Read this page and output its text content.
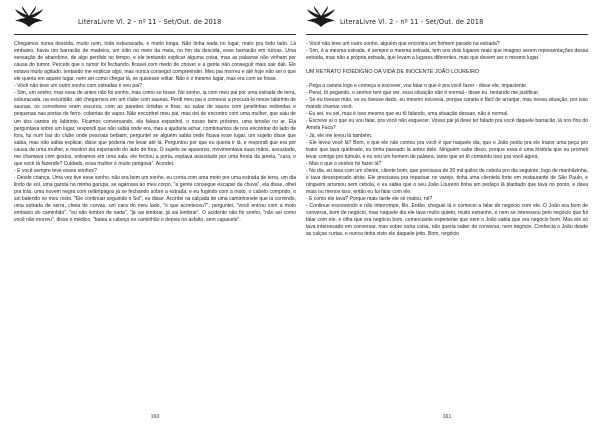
LiteraLivre Vl. 2 - nº 11 - Set/Out. de 2018

Chegamos numa descida, muito ruim, toda esburacada, e muito longa. Não tinha nada no lugar, mato pra todo lado. Lá embaixo, havia um barracão de madeira, um sítio no meio da mata, no fim da descida, esse barracão em ruínas. Uma sensação de abandono, de algo perdido no tempo, e ele tentando explicar alguma coisa, mas as palavras não vinham por causa do tumor. Percebi que o tumor foi fechando, ficavei com medo de chover e a gente não conseguir mais sair dali. Ele estava muito agitado, tentando me explicar algo, mas nunca conseguí compreender. Meu pai morreu e até hoje não sei o que ele queria em aquele lugar, nem sei como chegar lá, se quisesse voltar. Não é o mesmo lugar, mas era com se fosse.

- Você não teve um outro sonho com estradas e seu pai?

- Sim, um sonho, mas esse de antes não foi sonho, mas como se fosse. No sonho, ia com meu pai por uma estrada de terra, esburacada, na escuridão, até chegarmos em um clube com saunas. Perdi meu pai e comecei a procurá-lo nesse labirinto de saunas, os corredores eram escuros, com as paredes úmidas e frias, as salas de sauna com janelinhas redondas e pequenas nas portas de ferro, cobertas de vapor. Não encontrei meu pai, mas dei de encontro com uma mulher, que saiu de um dos cantos do labirinto. Ficamos conversando, ela falava espanhol, o nosso bem próximo, uma tensão no ar. Ela perguntava sobre um lugar, respondi que não sabia onde era, mas a ajudaria achar, combinamos de nos encontrar do lado de fora, fui num bar do clube onde pessoas bebiam, perguntei se alguém sabia onde ficava esse lugar, um sujeito disse que sabia, mas não sabia explicar, disse que poderia me levar até lá. Perguntou por que eu queria ir lá, e respondi que era por causa de uma mulher, e mostrei ela esperando do lado de fora. O sujeito se apavorou, movimentava suas mãos, assustado, me chamava com gestos, entramos em uma sala, ele fechou a porta, esplava assustado por uma fresta da janela, "cara, o que você tá fazendo? Cuidado, essa mulher é muito perigosa". Acordei.

- E você sempre teve esses sonhos?

- Desde criança. Uma vez tive esse sonho, não era bem um sonho, eu corria com uma moto por uma estrada de terra, um dia lindo de sol, uma garota na minha garupa, se agarrava ao meu corpo, "a gente consegue escapar da chuva", ela disse, olhei pra trás, uma nuvem negra com relâmpagos já se fechando sobre a estrada, e eu fugindo com a moto, o cabelo comprido, o sol batendo no meu rosto. "Ele continuar seguindo o Sol", eu disse. Acordei na calçada de uma caminhonete que ia correndo, uma estrada de serra, cheia de curvas, um cara do meu lado, "o que aconteceu?", perguntei, "você entrou com a moto embaixo do caminhão", "eu não lembro de nada", "já vai lembrar, já vai lembrar". O acidente não foi sonho, "não sei como você não morreu", disse o médico, "bateu a cabeça no caminhão e depois no asfalto, sem capacete".

160
LiteraLivre Vl. 2 - nº 11 - Set/Out. de 2018

- Você não teve um outro sonho, alguém que encontra um homem parado na estrada?

- Sim, é a mesma estrada, é sempre a mesma estrada, tem uns dois lugares reais que imagino serem representações dessa estrada, mas não a própria estrada, que levam a lugares diferentes, mas que devem ser o mesmo lugar.

UM RETRATO FIDEDIGNO DA VIDA DE INOCENTE JOÃO LOUREIRO

- Pega a caneta logo e começa a escrever, vou falar o que é pra você fazer - disse ele, impaciente.

- Peraí, tô pegando, o senhor tem que ver, essa situação não é normal - disse eu, tentando me justificar.

- Se eu tivesse mão, se eu tivesse dedo, eu mesmo escrevia, porque caneta é fácil de arranjar, mas nessa situação, por isso mando chamar você.

- Eu sei, eu sei, mas é isso mesmo que eu tô falando, uma situação dessas, não é normal.

- Escreve aí o que eu vou falar, pra você não esquecer. Vosso pai já deve ter falado pra você daquele barracão, lá nos fins do Amola Faca?

- Já, ele me levou lá também.

- Ele levou você lá? Bom, o que ele não contou pra você é que naquele dia, que o João pediu pra ele trazer uma peça pro trator que tava quebrado, eu tinha passado lá antes dele. Ninguém sabe disso, porque essa é uma história que eu prometi levar comigo pro túmulo, e eu sou um homem de palavra, tanto que só tô contando isso pra você agora.

- Mas o que o senhor foi fazer lá?

- No dia, eu tava com um cliente, cliente bom, que precisava de 30 mil quilos de cebola pro dia seguinte, logo de manhãzinha, e tava desesperado atrás. Ele precisava pra repassar no varejo, tinha uma clientela forte em restaurante de São Paulo, e ninguém arrumou sem cebola, e eu sabia que o seu João Loureiro tinha um pedaço lá plantado que tava no ponto, e dava mais ou menos isso, então eu fui falar com ele.

- E como ele tava? Porque mais tarde ele se matou, né?

- Continue escrevendo e não interrompe, filo. Então, cheguei lá e comecei a falar do negócio com ele. O João era bom de conversa, bom de negócio, mas naquele dia ele tava muito quieto, muito estranho, e nem se interessou pelo negócio que fui falar com ele, e olha que era negócio bom, comerciante experiente que nem o João sabia que era negócio bom. Mas ele só tava interessado em conversar, mas sobre outra coisa, não queria saber de conversa, nem negócio. Conhecia o João desde as calças curtas, e nunca tinha visto ele daquele jeito. Bom, negócio

161
